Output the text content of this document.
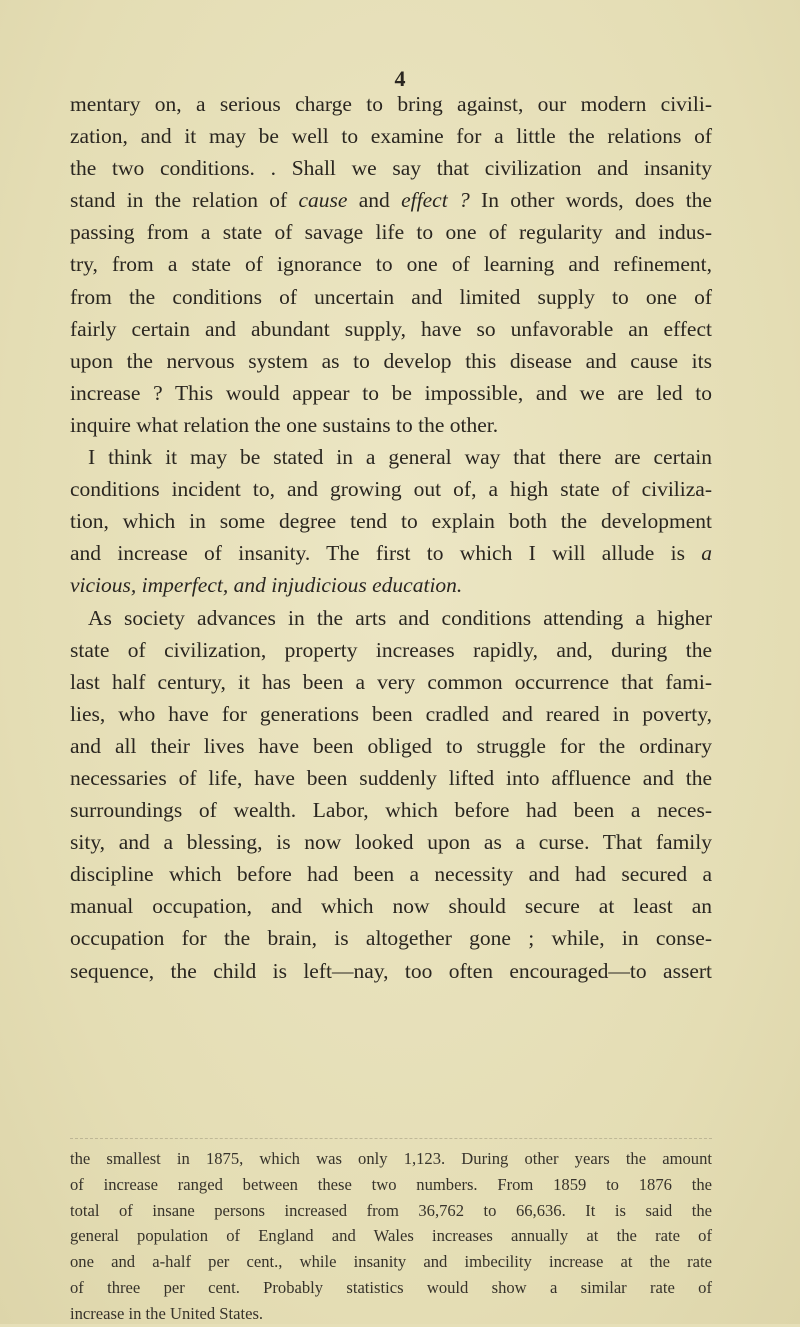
4
mentary on, a serious charge to bring against, our modern civili-
zation, and it may be well to examine for a little the relations of
the two conditions. . Shall we say that civilization and insanity
stand in the relation of cause and effect ? In other words, does the
passing from a state of savage life to one of regularity and indus-
try, from a state of ignorance to one of learning and refinement,
from the conditions of uncertain and limited supply to one of
fairly certain and abundant supply, have so unfavorable an effect
upon the nervous system as to develop this disease and cause its
increase ? This would appear to be impossible, and we are led to
inquire what relation the one sustains to the other.
I think it may be stated in a general way that there are certain
conditions incident to, and growing out of, a high state of civiliza-
tion, which in some degree tend to explain both the development
and increase of insanity. The first to which I will allude is a
vicious, imperfect, and injudicious education.
As society advances in the arts and conditions attending a higher
state of civilization, property increases rapidly, and, during the
last half century, it has been a very common occurrence that fami-
lies, who have for generations been cradled and reared in poverty,
and all their lives have been obliged to struggle for the ordinary
necessaries of life, have been suddenly lifted into affluence and the
surroundings of wealth. Labor, which before had been a neces-
sity, and a blessing, is now looked upon as a curse. That family
discipline which before had been a necessity and had secured a
manual occupation, and which now should secure at least an
occupation for the brain, is altogether gone ; while, in conse-
sequence, the child is left—nay, too often encouraged—to assert
the smallest in 1875, which was only 1,123. During other years the amount
of increase ranged between these two numbers. From 1859 to 1876 the
total of insane persons increased from 36,762 to 66,636. It is said the
general population of England and Wales increases annually at the rate of
one and a-half per cent., while insanity and imbecility increase at the rate
of three per cent. Probably statistics would show a similar rate of
increase in the United States.
